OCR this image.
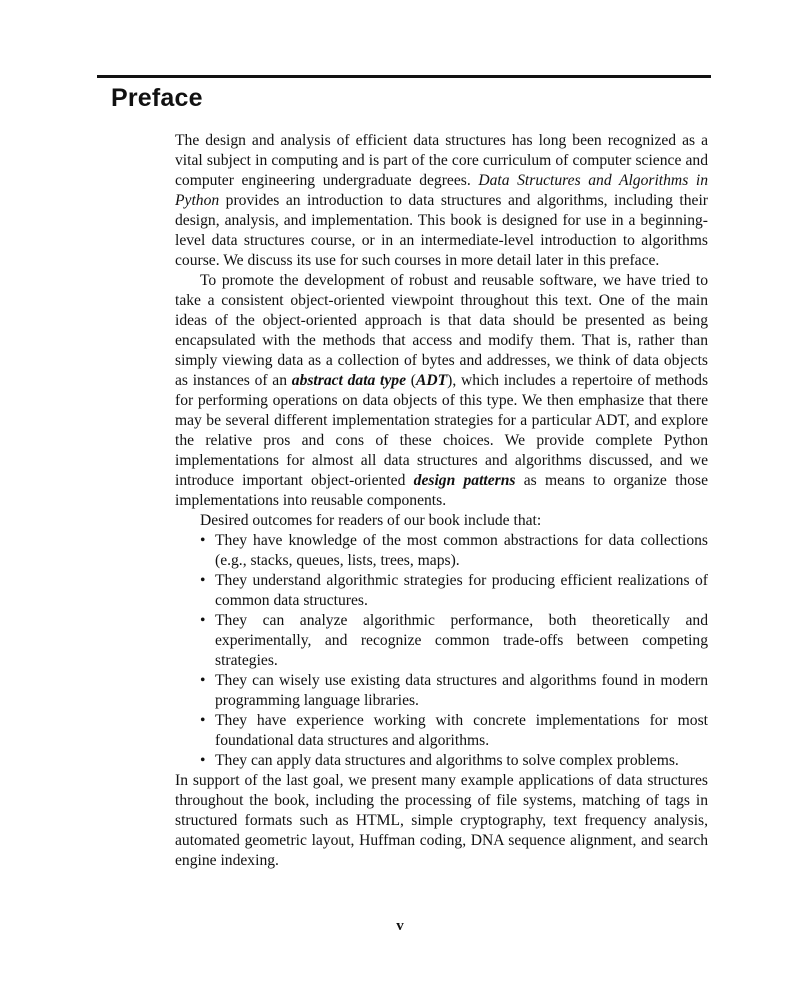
Preface

The design and analysis of efficient data structures has long been recognized as a vital subject in computing and is part of the core curriculum of computer science and computer engineering undergraduate degrees. Data Structures and Algorithms in Python provides an introduction to data structures and algorithms, including their design, analysis, and implementation. This book is designed for use in a beginning-level data structures course, or in an intermediate-level introduction to algorithms course. We discuss its use for such courses in more detail later in this preface.

To promote the development of robust and reusable software, we have tried to take a consistent object-oriented viewpoint throughout this text. One of the main ideas of the object-oriented approach is that data should be presented as being encapsulated with the methods that access and modify them. That is, rather than simply viewing data as a collection of bytes and addresses, we think of data objects as instances of an abstract data type (ADT), which includes a repertoire of methods for performing operations on data objects of this type. We then emphasize that there may be several different implementation strategies for a particular ADT, and explore the relative pros and cons of these choices. We provide complete Python implementations for almost all data structures and algorithms discussed, and we introduce important object-oriented design patterns as means to organize those implementations into reusable components.

Desired outcomes for readers of our book include that:

• They have knowledge of the most common abstractions for data collections (e.g., stacks, queues, lists, trees, maps).
• They understand algorithmic strategies for producing efficient realizations of common data structures.
• They can analyze algorithmic performance, both theoretically and experimentally, and recognize common trade-offs between competing strategies.
• They can wisely use existing data structures and algorithms found in modern programming language libraries.
• They have experience working with concrete implementations for most foundational data structures and algorithms.
• They can apply data structures and algorithms to solve complex problems.

In support of the last goal, we present many example applications of data structures throughout the book, including the processing of file systems, matching of tags in structured formats such as HTML, simple cryptography, text frequency analysis, automated geometric layout, Huffman coding, DNA sequence alignment, and search engine indexing.

v
